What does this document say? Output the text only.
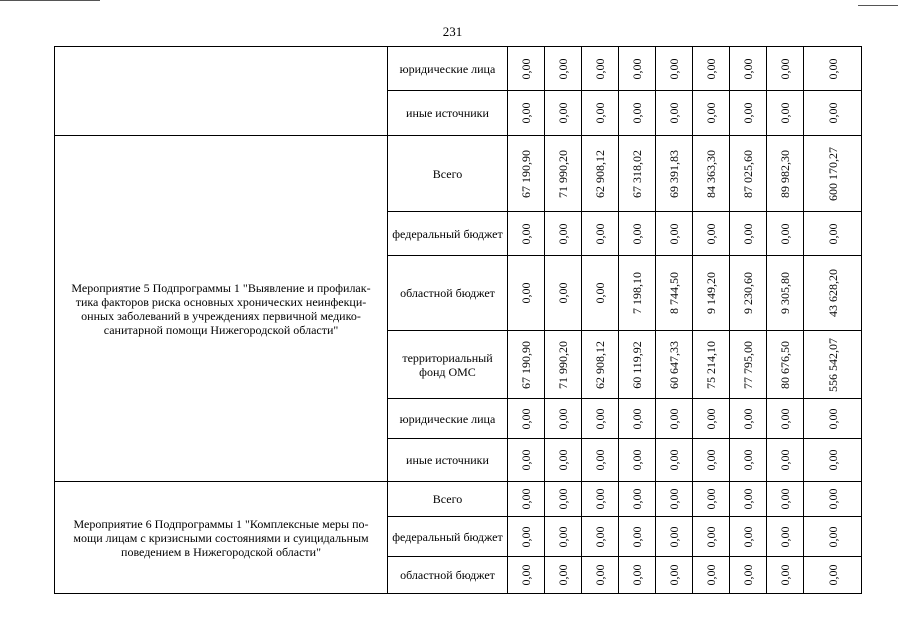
231
	юридические лица	0,00	0,00	0,00	0,00	0,00	0,00	0,00	0,00	0,00

	иные источники	0,00	0,00	0,00	0,00	0,00	0,00	0,00	0,00	0,00

Мероприятие 5 Подпрограммы 1 "Выявление и профилак-тика факторов риска основных хронических неинфекци-онных заболеваний в учреждениях первичной медико-санитарной помощи Нижегородской области"	Всего	67 190,90	71 990,20	62 908,12	67 318,02	69 391,83	84 363,30	87 025,60	89 982,30	600 170,27

	федеральный бюджет	0,00	0,00	0,00	0,00	0,00	0,00	0,00	0,00	0,00

	областной бюджет	0,00	0,00	0,00	7 198,10	8 744,50	9 149,20	9 230,60	9 305,80	43 628,20

	территориальный фонд ОМС	67 190,90	71 990,20	62 908,12	60 119,92	60 647,33	75 214,10	77 795,00	80 676,50	556 542,07

	юридические лица	0,00	0,00	0,00	0,00	0,00	0,00	0,00	0,00	0,00

	иные источники	0,00	0,00	0,00	0,00	0,00	0,00	0,00	0,00	0,00

Мероприятие 6 Подпрограммы 1 "Комплексные меры по-мощи лицам с кризисными состояниями и суицидальным поведением в Нижегородской области"	Всего	0,00	0,00	0,00	0,00	0,00	0,00	0,00	0,00	0,00

	федеральный бюджет	0,00	0,00	0,00	0,00	0,00	0,00	0,00	0,00	0,00

	областной бюджет	0,00	0,00	0,00	0,00	0,00	0,00	0,00	0,00	0,00
